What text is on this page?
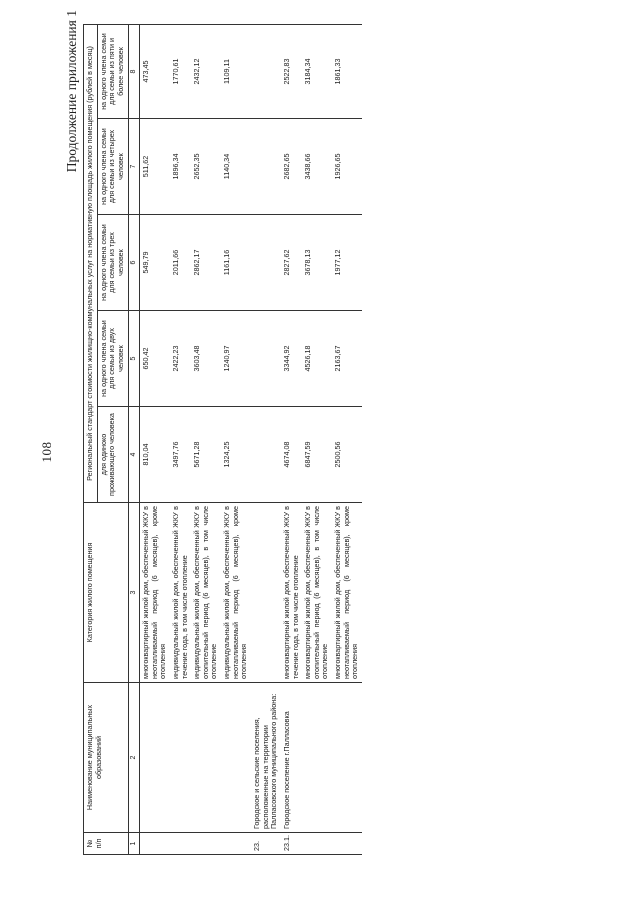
108
Продолжение приложения 1
№ п/п	Наименование муниципальных образований	Категория жилого помещения	Региональный стандарт стоимости жилищно-коммунальных услуг на нормативную площадь жилого помещения (рублей в месяц)				
			для одиноко проживающего человека	на одного члена семьи для семьи из двух человек	на одного члена семьи для семьи из трех человек	на одного члена семьи для семьи из четырех человек	на одного члена семьи для семьи из пяти и более человек
1	2	3	4	5	6	7	8
		многоквартирный жилой дом, обеспеченный ЖКУ в неотапливаемый период (6 месяцев), кроме отопления	810,04	650,42	549,79	511,62	473,45
		индивидуальный жилой дом, обеспеченный ЖКУ в течение года, в том числе отопление	3497,76	2422,23	2011,66	1896,34	1770,61
		индивидуальный жилой дом, обеспеченный ЖКУ в отопительный период (6 месяцев), в том числе отопление	5671,28	3603,48	2862,17	2652,35	2432,12
		индивидуальный жилой дом, обеспеченный ЖКУ в неотапливаемый период (6 месяцев), кроме отопления	1324,25	1240,97	1161,16	1140,34	1109,11
23.	Городское и сельские поселения, расположенные на территории Палласовского муниципального района:						
23.1.	Городское поселение г.Палласовка	многоквартирный жилой дом, обеспеченный ЖКУ в течение года, в том числе отопление	4674,08	3344,92	2827,62	2682,65	2522,83
		многоквартирный жилой дом, обеспеченный ЖКУ в отопительный период (6 месяцев), в том числе отопление	6847,59	4526,18	3678,13	3438,66	3184,34
		многоквартирный жилой дом, обеспеченный ЖКУ в неотапливаемый период (6 месяцев), кроме отопления	2500,56	2163,67	1977,12	1926,65	1861,33
